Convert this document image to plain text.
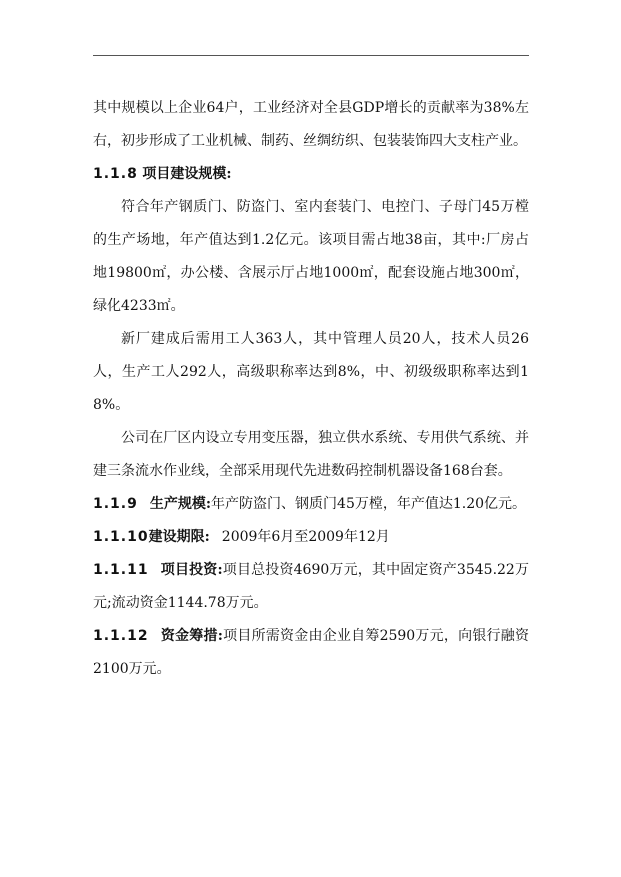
其中规模以上企业64户，工业经济对全县GDP增长的贡献率为38%左右，初步形成了工业机械、制药、丝绸纺织、包装装饰四大支柱产业。

1.1.8 项目建设规模:

符合年产钢质门、防盗门、室内套装门、电控门、子母门45万樘的生产场地，年产值达到1.2亿元。该项目需占地38亩，其中:厂房占地19800㎡，办公楼、含展示厅占地1000㎡，配套设施占地300㎡，绿化4233㎡。

新厂建成后需用工人363人，其中管理人员20人，技术人员26人，生产工人292人，高级职称率达到8%，中、初级级职称率达到18%。

公司在厂区内设立专用变压器，独立供水系统、专用供气系统、并建三条流水作业线，全部采用现代先进数码控制机器设备168台套。

1.1.9 生产规模:年产防盗门、钢质门45万樘，年产值达1.20亿元。

1.1.10建设期限: 2009年6月至2009年12月

1.1.11 项目投资:项目总投资4690万元，其中固定资产3545.22万元;流动资金1144.78万元。

1.1.12 资金筹措:项目所需资金由企业自筹2590万元，向银行融资2100万元。
